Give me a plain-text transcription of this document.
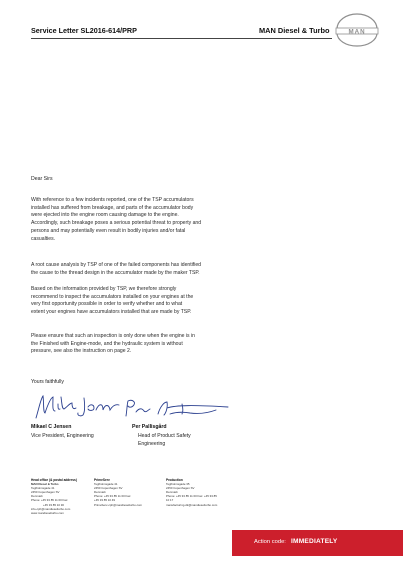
Service Letter SL2016-614/PRP	MAN Diesel & Turbo	MAN
Dear Sirs

With reference to a few incidents reported, one of the TSP accumulators
installed has suffered from breakage, and parts of the accumulator body
were ejected into the engine room causing damage to the engine.
Accordingly, such breakage poses a serious potential threat to property and
persons and may potentially even result in bodily injuries and/or fatal
casualties.

A root cause analysis by TSP of one of the failed components has identified
the cause to the thread design in the accumulator made by the maker TSP.

Based on the information provided by TSP, we therefore strongly
recommend to inspect the accumulators installed on your engines at the
very first opportunity possible in order to verify whether and to what
extent your engines have accumulators installed that are made by TSP.

Please ensure that such an inspection is only done when the engine is in
the Finished with Engine-mode, and the hydraulic system is without
pressure, see also the instruction on page 2.

Yours faithfully
Mikael C Jensen
Vice President, Engineering
Per Pallisgård
Head of Product Safety
Engineering
Head office (& postal address)
MAN Diesel & Turbo
Teglholmsgade 41
2450 Copenhagen SV
Denmark
Phone: +45 33 85 11 00 Fax:
+45 33 85 10 30
info-cph@mandieselturbo.com
www.mandieselturbo.com
PrimeServ
Teglholmsgade 41
2450 Copenhagen SV
Denmark
Phone: +45 33 85 11 00 Fax:
+45 33 85 10 49
PrimeServ-cph@mandieselturbo.com
Production
Teglholmsgade 35
2450 Copenhagen SV
Denmark
Phone: +45 33 85 11 00 Fax: +45 33 85
10 17
manufacturing-dk@mandieselturbo.com
Action code: IMMEDIATELY
